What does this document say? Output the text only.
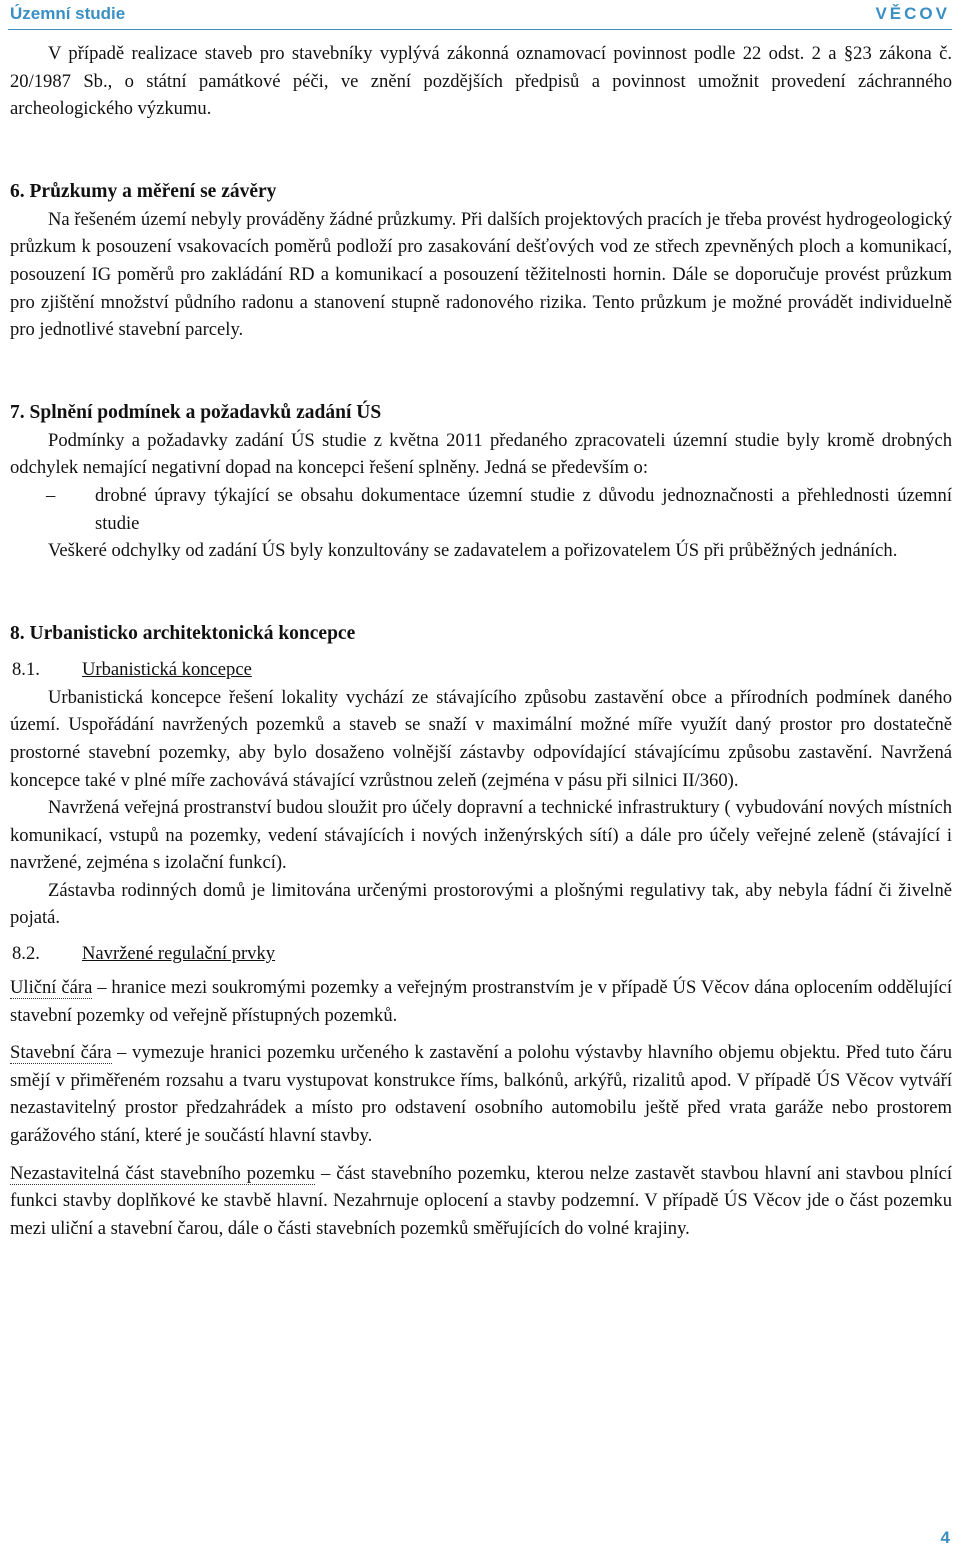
Územní studie	VĚCOV

V případě realizace staveb pro stavebníky vyplývá zákonná oznamovací povinnost podle 22 odst. 2 a §23 zákona č. 20/1987 Sb., o státní památkové péči, ve znění pozdějších předpisů a povinnost umožnit provedení záchranného archeologického výzkumu.

6. Průzkumy a měření se závěry

Na řešeném území nebyly prováděny žádné průzkumy. Při dalších projektových pracích je třeba provést hydrogeologický průzkum k posouzení vsakovacích poměrů podloží pro zasakování dešťových vod ze střech zpevněných ploch a komunikací, posouzení IG poměrů pro zakládání RD a komunikací a posouzení těžitelnosti hornin. Dále se doporučuje provést průzkum pro zjištění množství půdního radonu a stanovení stupně radonového rizika. Tento průzkum je možné provádět individuelně pro jednotlivé stavební parcely.

7. Splnění podmínek a požadavků zadání ÚS

Podmínky a požadavky zadání ÚS studie z května 2011 předaného zpracovateli územní studie byly kromě drobných odchylek nemající negativní dopad na koncepci řešení splněny. Jedná se především o:

– drobné úpravy týkající se obsahu dokumentace územní studie z důvodu jednoznačnosti a přehlednosti územní studie

Veškeré odchylky od zadání ÚS byly konzultovány se zadavatelem a pořizovatelem ÚS při průběžných jednáních.

8. Urbanisticko architektonická koncepce

8.1. Urbanistická koncepce

Urbanistická koncepce řešení lokality vychází ze stávajícího způsobu zastavění obce a přírodních podmínek daného území. Uspořádání navržených pozemků a staveb se snaží v maximální možné míře využít daný prostor pro dostatečně prostorné stavební pozemky, aby bylo dosaženo volnější zástavby odpovídající stávajícímu způsobu zastavění. Navržená koncepce také v plné míře zachovává stávající vzrůstnou zeleň (zejména v pásu při silnici II/360).

Navržená veřejná prostranství budou sloužit pro účely dopravní a technické infrastruktury ( vybudování nových místních komunikací, vstupů na pozemky, vedení stávajících i nových inženýrských sítí) a dále pro účely veřejné zeleně (stávající i navržené, zejména s izolační funkcí).

Zástavba rodinných domů je limitována určenými prostorovými a plošnými regulativy tak, aby nebyla fádní či živelně pojatá.

8.2. Navržené regulační prvky

Uliční čára – hranice mezi soukromými pozemky a veřejným prostranstvím je v případě ÚS Věcov dána oplocením oddělující stavební pozemky od veřejně přístupných pozemků.

Stavební čára – vymezuje hranici pozemku určeného k zastavění a polohu výstavby hlavního objemu objektu. Před tuto čáru smějí v přiměřeném rozsahu a tvaru vystupovat konstrukce říms, balkónů, arkýřů, rizalitů apod. V případě ÚS Věcov vytváří nezastavitelný prostor předzahrádek a místo pro odstavení osobního automobilu ještě před vrata garáže nebo prostorem garážového stání, které je součástí hlavní stavby.

Nezastavitelná část stavebního pozemku – část stavebního pozemku, kterou nelze zastavět stavbou hlavní ani stavbou plnící funkci stavby doplňkové ke stavbě hlavní. Nezahrnuje oplocení a stavby podzemní. V případě ÚS Věcov jde o část pozemku mezi uliční a stavební čarou, dále o části stavebních pozemků směřujících do volné krajiny.

4
